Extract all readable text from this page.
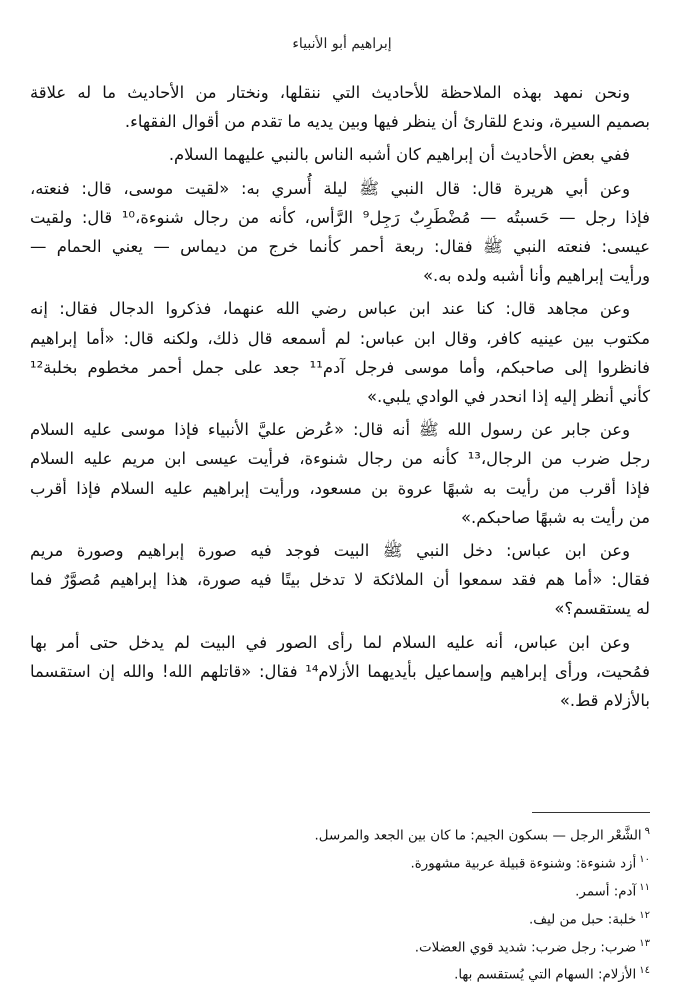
إبراهيم أبو الأنبياء

ونحن نمهد بهذه الملاحظة للأحاديث التي ننقلها، ونختار من الأحاديث ما له علاقة
بصميم السيرة، وندع للقارئ أن ينظر فيها وبين يديه ما تقدم من أقوال الفقهاء.

ففي بعض الأحاديث أن إبراهيم كان أشبه الناس بالنبي عليهما السلام.

وعن أبي هريرة قال: قال النبي ﷺ ليلة أُسري به: «لقيت موسى، قال: فنعته،
فإذا رجل — حَسبتُه — مُضْطَرِبٌ رَجِل⁹ الرَّأس، كأنه من رجال شنوءة،¹⁰ قال: ولقيت
عيسى: فنعته النبي ﷺ فقال: ربعة أحمر كأنما خرج من ديماس — يعني الحمام —
ورأيت إبراهيم وأنا أشبه ولده به.»

وعن مجاهد قال: كنا عند ابن عباس رضي الله عنهما، فذكروا الدجال فقال: إنه
مكتوب بين عينيه كافر، وقال ابن عباس: لم أسمعه قال ذلك، ولكنه قال: «أما إبراهيم
فانظروا إلى صاحبكم، وأما موسى فرجل آدم¹¹ جعد على جمل أحمر مخطوم بخلبة¹²
كأني أنظر إليه إذا انحدر في الوادي يلبي.»

وعن جابر عن رسول الله ﷺ أنه قال: «عُرض عليَّ الأنبياء فإذا موسى عليه السلام
رجل ضرب من الرجال،¹³ كأنه من رجال شنوءة، فرأيت عيسى ابن مريم عليه السلام
فإذا أقرب من رأيت به شبهًا عروة بن مسعود، ورأيت إبراهيم عليه السلام فإذا أقرب
من رأيت به شبهًا صاحبكم.»

وعن ابن عباس: دخل النبي ﷺ البيت فوجد فيه صورة إبراهيم وصورة مريم
فقال: «أما هم فقد سمعوا أن الملائكة لا تدخل بيتًا فيه صورة، هذا إبراهيم مُصوَّرٌ فما
له يستقسم؟»

وعن ابن عباس، أنه عليه السلام لما رأى الصور في البيت لم يدخل حتى أمر بها
فمُحيت، ورأى إبراهيم وإسماعيل بأيديهما الأزلام¹⁴ فقال: «قاتلهم الله! والله إن استقسما
بالأزلام قط.»

$^٩$الشَّعْر الرجل — بسكون الجيم: ما كان بين الجعد والمرسل.
$^{١٠}$أزد شنوءة: وشنوءة قبيلة عربية مشهورة.
$^{١١}$آدم: أسمر.
$^{١٢}$خلبة: حبل من ليف.
$^{١٣}$ضرب: رجل ضرب: شديد قوي العضلات.
$^{١٤}$الأزلام: السهام التي يُستقسم بها.
